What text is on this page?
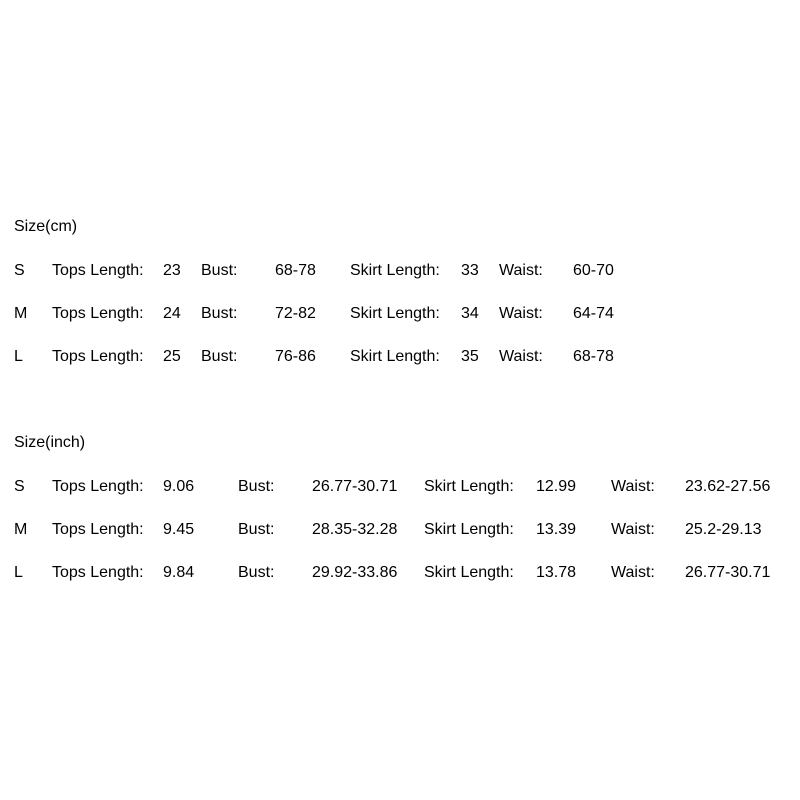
Size(cm)
S Tops Length: 23 Bust: 68-78 Skirt Length: 33 Waist: 60-70
M Tops Length: 24 Bust: 72-82 Skirt Length: 34 Waist: 64-74
L Tops Length: 25 Bust: 76-86 Skirt Length: 35 Waist: 68-78
Size(inch)
S Tops Length: 9.06	Bust: 26.77-30.71 Skirt Length: 12.99 Waist: 23.62-27.56
M Tops Length: 9.45	Bust: 28.35-32.28 Skirt Length: 13.39 Waist: 25.2-29.13
L Tops Length: 9.84	Bust: 29.92-33.86 Skirt Length: 13.78 Waist: 26.77-30.71
